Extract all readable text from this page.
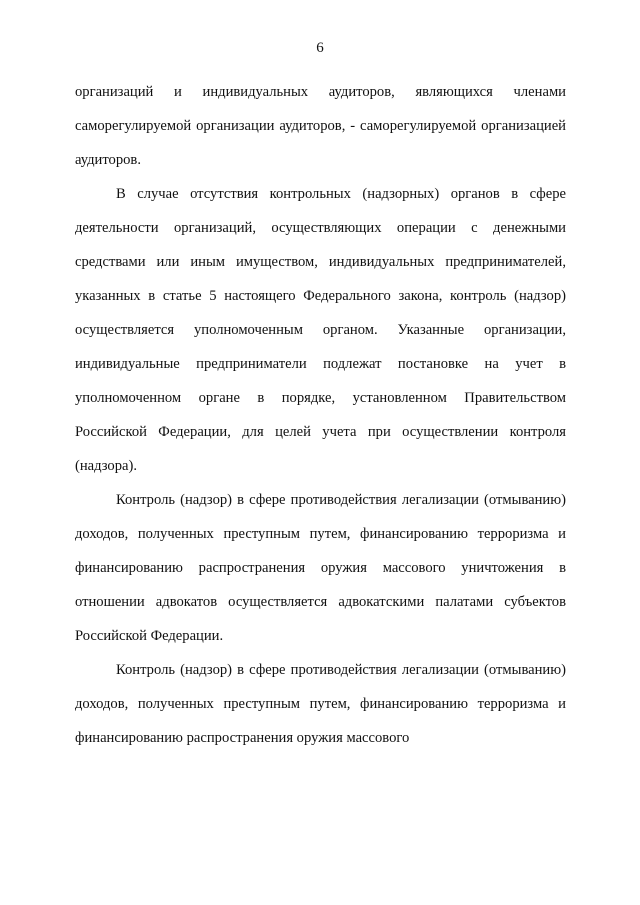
6

организаций и индивидуальных аудиторов, являющихся членами саморегулируемой организации аудиторов, - саморегулируемой организацией аудиторов.

В случае отсутствия контрольных (надзорных) органов в сфере деятельности организаций, осуществляющих операции с денежными средствами или иным имуществом, индивидуальных предпринимателей, указанных в статье 5 настоящего Федерального закона, контроль (надзор) осуществляется уполномоченным органом. Указанные организации, индивидуальные предприниматели подлежат постановке на учет в уполномоченном органе в порядке, установленном Правительством Российской Федерации, для целей учета при осуществлении контроля (надзора).

Контроль (надзор) в сфере противодействия легализации (отмыванию) доходов, полученных преступным путем, финансированию терроризма и финансированию распространения оружия массового уничтожения в отношении адвокатов осуществляется адвокатскими палатами субъектов Российской Федерации.

Контроль (надзор) в сфере противодействия легализации (отмыванию) доходов, полученных преступным путем, финансированию терроризма и финансированию распространения оружия массового
